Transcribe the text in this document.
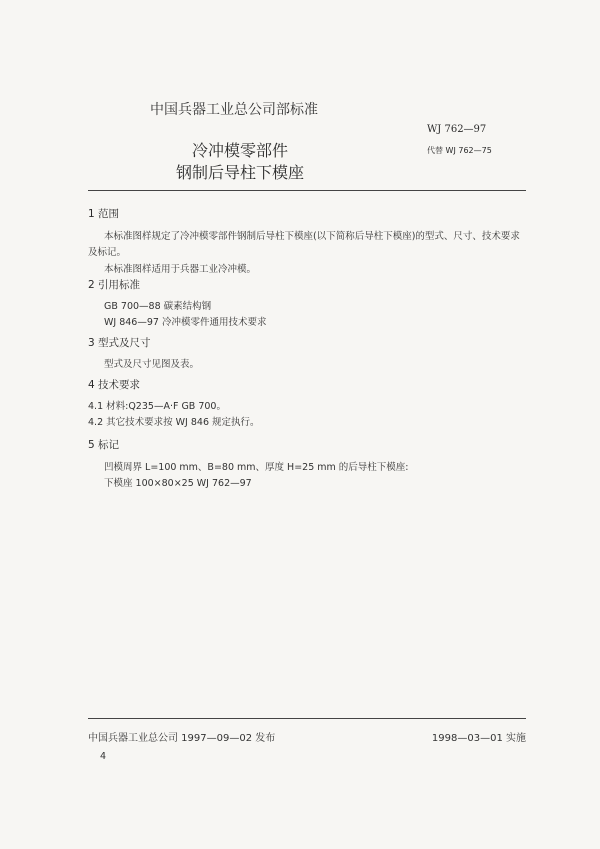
中国兵器工业总公司部标准
WJ 762—97
代替 WJ 762—75
冷冲模零部件
钢制后导柱下模座
1 范围
本标准图样规定了冷冲模零部件钢制后导柱下模座(以下简称后导柱下模座)的型式、尺寸、技术要求
及标记。
本标准图样适用于兵器工业冷冲模。
2 引用标准
GB 700—88 碳素结构钢
WJ 846—97 冷冲模零件通用技术要求
3 型式及尺寸
型式及尺寸见图及表。
4 技术要求
4.1 材料:Q235—A·F GB 700。
4.2 其它技术要求按 WJ 846 规定执行。
5 标记
凹模周界 L=100 mm、B=80 mm、厚度 H=25 mm 的后导柱下模座:
下模座 100×80×25 WJ 762—97
中国兵器工业总公司 1997—09—02 发布	1998—03—01 实施
4
